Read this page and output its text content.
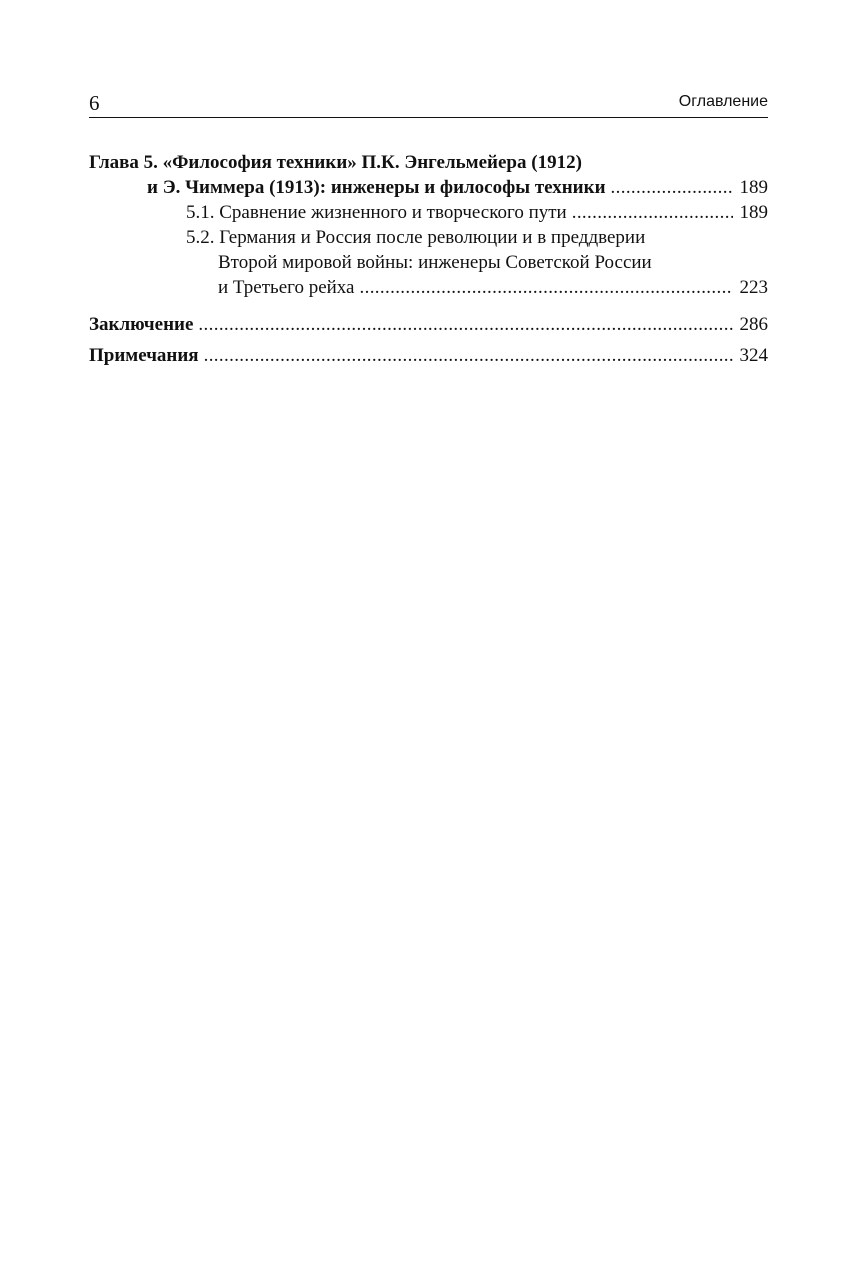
6	Оглавление
Глава 5. «Философия техники» П.К. Энгельмейера (1912)
и Э. Чиммера (1913): инженеры и философы техники . . .	189
5.1. Сравнение жизненного и творческого пути . . .	189
5.2. Германия и Россия после революции и в преддверии
Второй мировой войны: инженеры Советской России
и Третьего рейха . . .	223
Заключение . . .	286
Примечания . . .	324
